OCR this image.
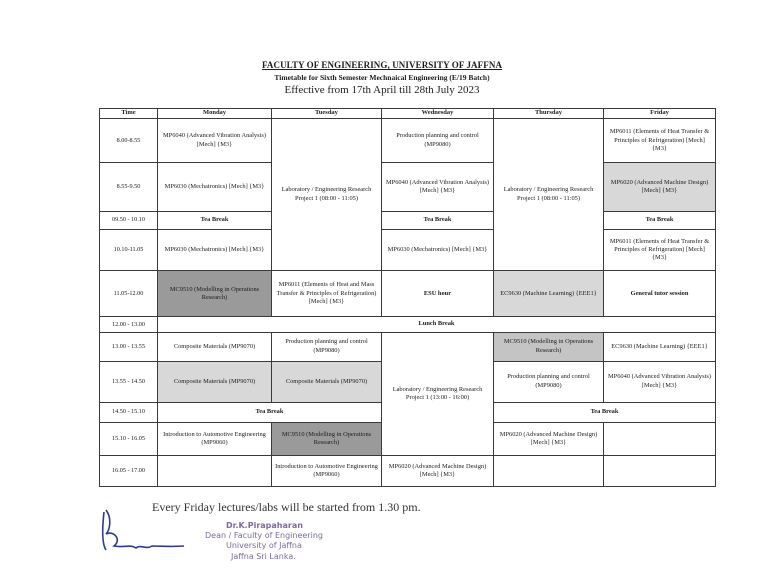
FACULTY OF ENGINEERING, UNIVERSITY OF JAFFNA

Timetable for Sixth Semester Mechnaical Engineering (E/19 Batch)

Effective from 17th April till 28th July 2023

Time	Monday	Tuesday	Wednesday	Thursday	Friday
8.00-8.55	MP6040 (Advanced Vibration Analysis) [Mech] {M3}	Laboratory / Engineering Research Project 1 (08:00 - 11:05)	Production planning and control (MP9080)	Laboratory / Engineering Research Project 1 (08:00 - 11:05)	MP6011 (Elements of Heat Transfer & Principles of Refrigeration) [Mech] {M3}
8.55-9.50	MP6030 (Mechatronics) [Mech] {M3}		MP6040 (Advanced Vibration Analysis) [Mech] {M3}		MP6020 (Advanced Machine Design) [Mech] {M3}
09.50 - 10.10	Tea Break		Tea Break		Tea Break
10.10-11.05	MP6030 (Mechatronics) [Mech] {M3}		MP6030 (Mechatronics) [Mech] {M3}		MP6011 (Elements of Heat Transfer & Principles of Refrigeration) [Mech] {M3}
11.05-12.00	MC9510 (Modelling in Operations Research)	MP6011 (Elements of Heat and Mass Transfer & Principles of Refrigeration) [Mech] {M3}	ESU hour	EC9630 (Machine Learning) {EEE1}	General tutor session
12.00 - 13.00	Lunch Break				
13.00 - 13.55	Composite Materials (MP9070)	Production planning and control (MP9080)	Laboratory / Engineering Research Project 1 (13:00 - 16:00)	MC9510 (Modelling in Operations Research)	EC9630 (Machine Learning) {EEE1}
13.55 - 14.50	Composite Materials (MP9070)	Composite Materials (MP9070)		Production planning and control (MP9080)	MP6040 (Advanced Vibration Analysis) [Mech] {M3}
14.50 - 15.10	Tea Break			Tea Break	
15.10 - 16.05	Introduction to Automotive Engineering (MP9060)	MC9510 (Modelling in Operations Research)		MP6020 (Advanced Machine Design) [Mech] {M3}	
16.05 - 17.00		Introduction to Automotive Engineering (MP9060)	MP6020 (Advanced Machine Design) [Mech] {M3}		

Every Friday lectures/labs will be started from 1.30 pm.

Dr.K.Pirapaharan
Dean / Faculty of Engineering
University of Jaffna
Jaffna Sri Lanka.
